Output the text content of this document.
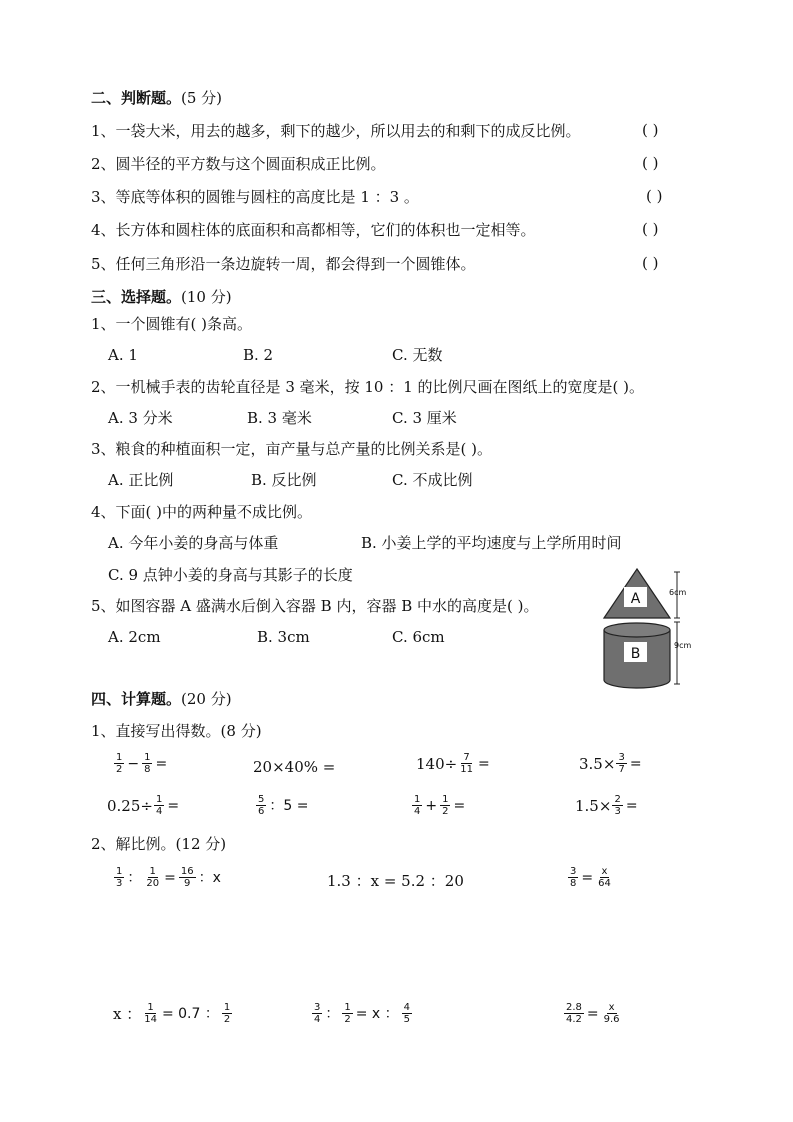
二、判断题。(5 分)
1、一袋大米，用去的越多，剩下的越少，所以用去的和剩下的成反比例。	( )
2、圆半径的平方数与这个圆面积成正比例。	( )
3、等底等体积的圆锥与圆柱的高度比是 1 ：3 。	( )
4、长方体和圆柱体的底面积和高都相等，它们的体积也一定相等。	( )
5、任何三角形沿一条边旋转一周，都会得到一个圆锥体。	( )
三、选择题。(10 分)
1、一个圆锥有( )条高。
A. 1	B. 2	C. 无数
2、一机械手表的齿轮直径是 3 毫米，按 10 ：1 的比例尺画在图纸上的宽度是( )。
A. 3 分米	B. 3 毫米	C. 3 厘米
3、粮食的种植面积一定，亩产量与总产量的比例关系是( )。
A. 正比例	B. 反比例	C. 不成比例
4、下面( )中的两种量不成比例。
A. 今年小姜的身高与体重	B. 小姜上学的平均速度与上学所用时间
C. 9 点钟小姜的身高与其影子的长度
5、如图容器 A 盛满水后倒入容器 B 内，容器 B 中水的高度是( )。
A. 2cm	B. 3cm	C. 6cm
A
B
6cm
9cm
四、计算题。(20 分)
1、直接写出得数。(8 分)
$\frac{1}{2} - \frac{1}{8}$ =	20×40% =	$140\div \frac{7}{11}$ =	$3.5\times \frac{3}{7}$ =
$0.25\div \frac{1}{4}$ =	$\frac{5}{6}$ ：5 =	$\frac{1}{4} + \frac{1}{2}$ =	$1.5\times \frac{2}{3}$ =
2、解比例。(12 分)
$\frac{1}{3}$ ： $\frac{1}{20} = \frac{16}{9}$ ：x	1.3 ：x = 5.2 ：20	$\frac{3}{8} = \frac{x}{64}$
x ： $\frac{1}{14} = 0.7$ ： $\frac{1}{2}$	$\frac{3}{4}$ ： $\frac{1}{2} = x$ ： $\frac{4}{5}$	$\frac{2.8}{4.2} = \frac{x}{9.6}$
